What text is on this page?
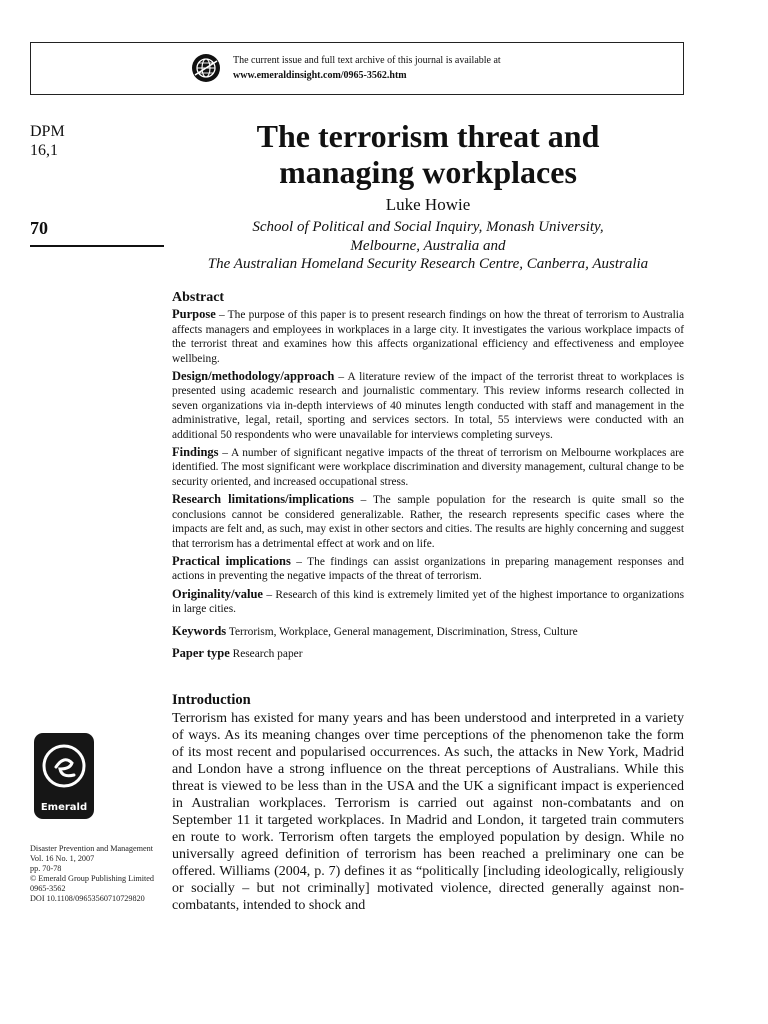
The current issue and full text archive of this journal is available at
www.emeraldinsight.com/0965-3562.htm
DPM
16,1
70
The terrorism threat and
managing workplaces
Luke Howie
School of Political and Social Inquiry, Monash University,
Melbourne, Australia and
The Australian Homeland Security Research Centre, Canberra, Australia
Abstract

Purpose – The purpose of this paper is to present research findings on how the threat of terrorism to Australia affects managers and employees in workplaces in a large city. It investigates the various workplace impacts of the terrorist threat and examines how this affects organizational efficiency and effectiveness and employee wellbeing.

Design/methodology/approach – A literature review of the impact of the terrorist threat to workplaces is presented using academic research and journalistic commentary. This review informs research collected in seven organizations via in-depth interviews of 40 minutes length conducted with staff and management in the administrative, legal, retail, sporting and services sectors. In total, 55 interviews were conducted with an additional 50 respondents who were unavailable for interviews completing surveys.

Findings – A number of significant negative impacts of the threat of terrorism on Melbourne workplaces are identified. The most significant were workplace discrimination and diversity management, cultural change to be security oriented, and increased occupational stress.

Research limitations/implications – The sample population for the research is quite small so the conclusions cannot be considered generalizable. Rather, the research represents specific cases where the impacts are felt and, as such, may exist in other sectors and cities. The results are highly concerning and suggest that terrorism has a detrimental effect at work and on life.

Practical implications – The findings can assist organizations in preparing management responses and actions in preventing the negative impacts of the threat of terrorism.

Originality/value – Research of this kind is extremely limited yet of the highest importance to organizations in large cities.

Keywords Terrorism, Workplace, General management, Discrimination, Stress, Culture

Paper type Research paper

Introduction

Terrorism has existed for many years and has been understood and interpreted in a variety of ways. As its meaning changes over time perceptions of the phenomenon take the form of its most recent and popularised occurrences. As such, the attacks in New York, Madrid and London have a strong influence on the threat perceptions of Australians. While this threat is viewed to be less than in the USA and the UK a significant impact is experienced in Australian workplaces. Terrorism is carried out against non-combatants and on September 11 it targeted workplaces. In Madrid and London, it targeted train commuters en route to work. Terrorism often targets the employed population by design. While no universally agreed definition of terrorism has been reached a preliminary one can be offered. Williams (2004, p. 7) defines it as “politically [including ideologically, religiously or socially – but not criminally] motivated violence, directed generally against non-combatants, intended to shock and

Emerald
Disaster Prevention and Management
Vol. 16 No. 1, 2007
pp. 70-78
© Emerald Group Publishing Limited
0965-3562
DOI 10.1108/09653560710729820
